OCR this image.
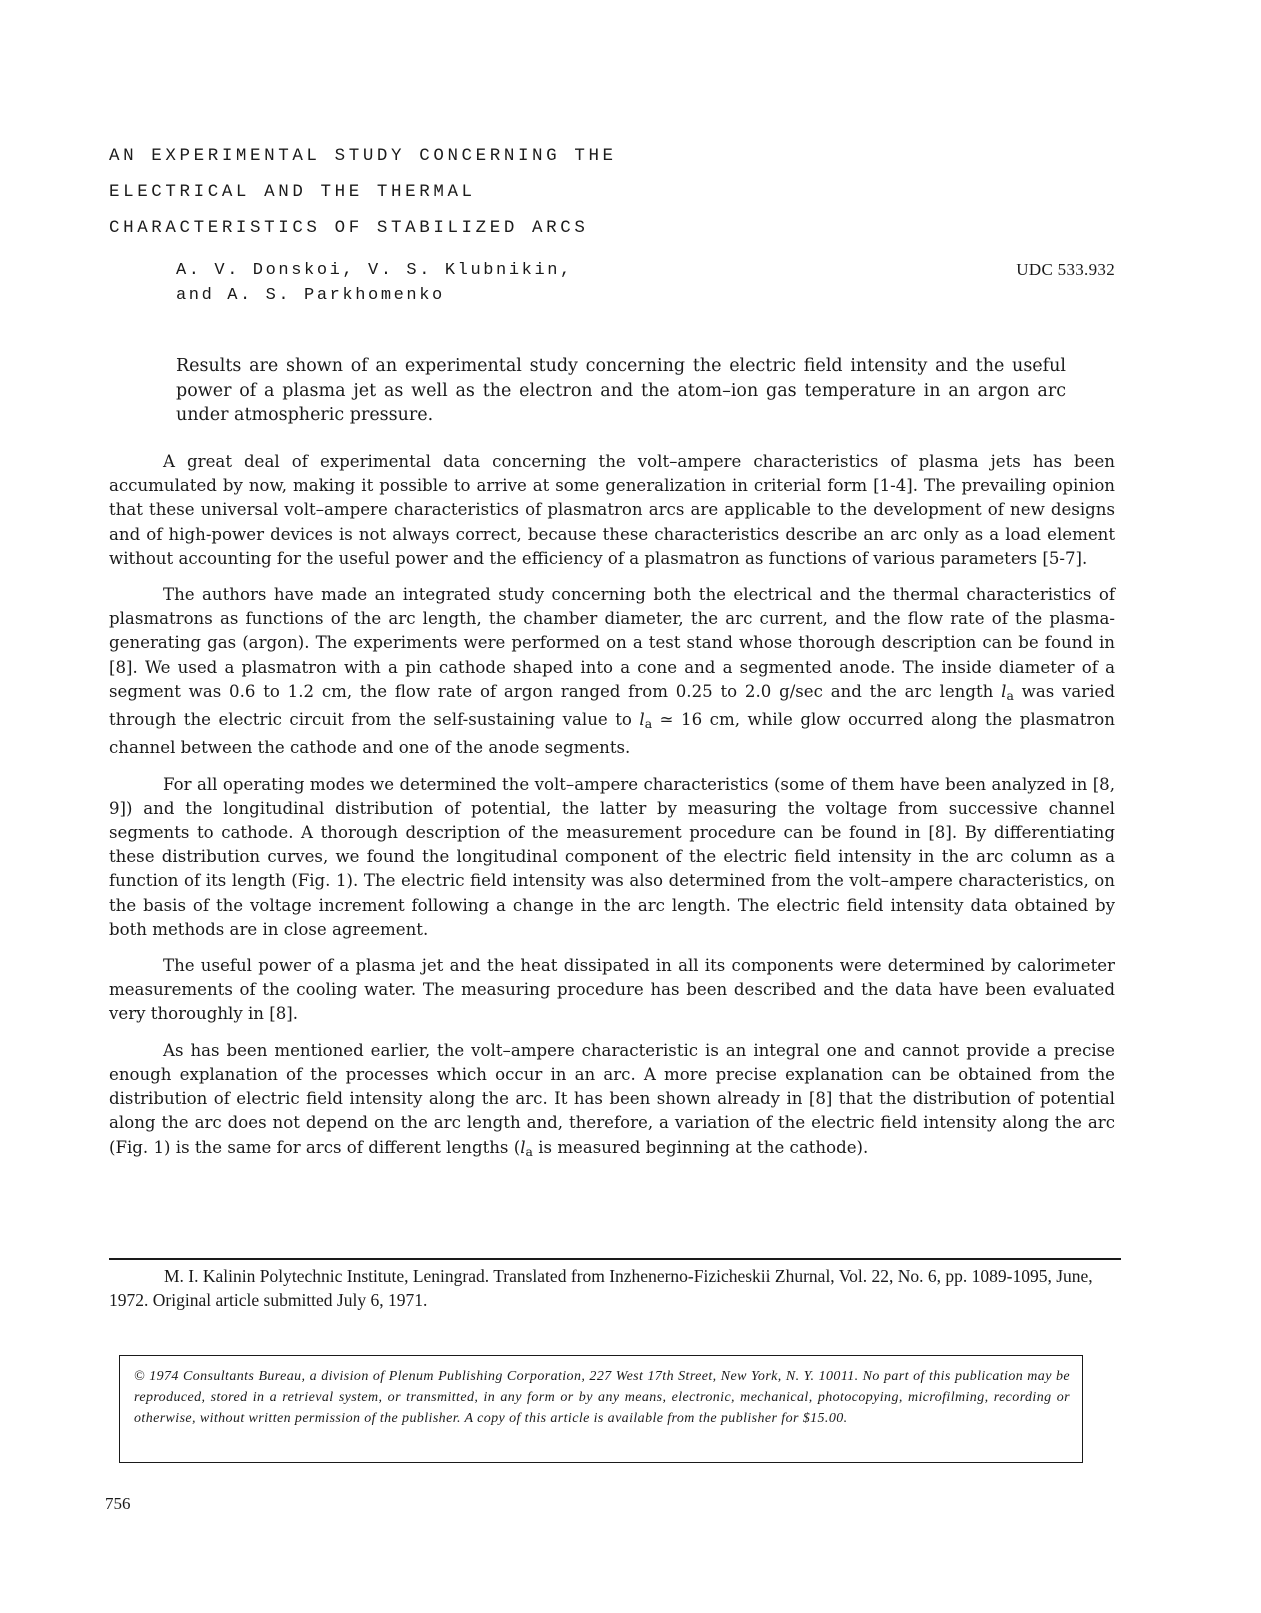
AN EXPERIMENTAL STUDY CONCERNING THE
ELECTRICAL AND THE THERMAL
CHARACTERISTICS OF STABILIZED ARCS
A. V. Donskoi, V. S. Klubnikin,
and A. S. Parkhomenko
UDC 533.932
Results are shown of an experimental study concerning the electric field intensity and the useful power of a plasma jet as well as the electron and the atom–ion gas temperature in an argon arc under atmospheric pressure.

A great deal of experimental data concerning the volt–ampere characteristics of plasma jets has been accumulated by now, making it possible to arrive at some generalization in criterial form [1-4]. The prevailing opinion that these universal volt–ampere characteristics of plasmatron arcs are applicable to the development of new designs and of high-power devices is not always correct, because these characteristics describe an arc only as a load element without accounting for the useful power and the efficiency of a plasmatron as functions of various parameters [5-7].

The authors have made an integrated study concerning both the electrical and the thermal characteristics of plasmatrons as functions of the arc length, the chamber diameter, the arc current, and the flow rate of the plasma-generating gas (argon). The experiments were performed on a test stand whose thorough description can be found in [8]. We used a plasmatron with a pin cathode shaped into a cone and a segmented anode. The inside diameter of a segment was 0.6 to 1.2 cm, the flow rate of argon ranged from 0.25 to 2.0 g/sec and the arc length $l_a$ was varied through the electric circuit from the self-sustaining value to $l_a$ ≃ 16 cm, while glow occurred along the plasmatron channel between the cathode and one of the anode segments.

For all operating modes we determined the volt–ampere characteristics (some of them have been analyzed in [8, 9]) and the longitudinal distribution of potential, the latter by measuring the voltage from successive channel segments to cathode. A thorough description of the measurement procedure can be found in [8]. By differentiating these distribution curves, we found the longitudinal component of the electric field intensity in the arc column as a function of its length (Fig. 1). The electric field intensity was also determined from the volt–ampere characteristics, on the basis of the voltage increment following a change in the arc length. The electric field intensity data obtained by both methods are in close agreement.

The useful power of a plasma jet and the heat dissipated in all its components were determined by calorimeter measurements of the cooling water. The measuring procedure has been described and the data have been evaluated very thoroughly in [8].

As has been mentioned earlier, the volt–ampere characteristic is an integral one and cannot provide a precise enough explanation of the processes which occur in an arc. A more precise explanation can be obtained from the distribution of electric field intensity along the arc. It has been shown already in [8] that the distribution of potential along the arc does not depend on the arc length and, therefore, a variation of the electric field intensity along the arc (Fig. 1) is the same for arcs of different lengths ($l_a$ is measured beginning at the cathode).

M. I. Kalinin Polytechnic Institute, Leningrad. Translated from Inzhenerno-Fizicheskii Zhurnal, Vol. 22, No. 6, pp. 1089-1095, June, 1972. Original article submitted July 6, 1971.

© 1974 Consultants Bureau, a division of Plenum Publishing Corporation, 227 West 17th Street, New York, N. Y. 10011. No part of this publication may be reproduced, stored in a retrieval system, or transmitted, in any form or by any means, electronic, mechanical, photocopying, microfilming, recording or otherwise, without written permission of the publisher. A copy of this article is available from the publisher for $15.00.
756
